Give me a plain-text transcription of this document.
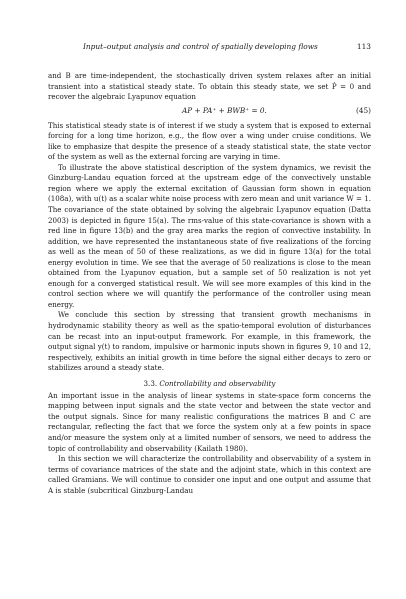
Input–output analysis and control of spatially developing flows	113

and B are time-independent, the stochastically driven system relaxes after an initial transient into a statistical steady state. To obtain this steady state, we set Ṗ = 0 and recover the algebraic Lyapunov equation

AP + PA⁺ + BWB⁺ = 0.	(45)

This statistical steady state is of interest if we study a system that is exposed to external forcing for a long time horizon, e.g., the flow over a wing under cruise conditions. We like to emphasize that despite the presence of a steady statistical state, the state vector of the system as well as the external forcing are varying in time.

To illustrate the above statistical description of the system dynamics, we revisit the Ginzburg-Landau equation forced at the upstream edge of the convectively unstable region where we apply the external excitation of Gaussian form shown in equation (108a), with u(t) as a scalar white noise process with zero mean and unit variance W = 1. The covariance of the state obtained by solving the algebraic Lyapunov equation (Datta 2003) is depicted in figure 15(a). The rms-value of this state-covariance is shown with a red line in figure 13(b) and the gray area marks the region of convective instability. In addition, we have represented the instantaneous state of five realizations of the forcing as well as the mean of 50 of these realizations, as we did in figure 13(a) for the total energy evolution in time. We see that the average of 50 realizations is close to the mean obtained from the Lyapunov equation, but a sample set of 50 realization is not yet enough for a converged statistical result. We will see more examples of this kind in the control section where we will quantify the performance of the controller using mean energy.

We conclude this section by stressing that transient growth mechanisms in hydrodynamic stability theory as well as the spatio-temporal evolution of disturbances can be recast into an input-output framework. For example, in this framework, the output signal y(t) to random, impulsive or harmonic inputs shown in figures 9, 10 and 12, respectively, exhibits an initial growth in time before the signal either decays to zero or stabilizes around a steady state.

3.3. Controllability and observability

An important issue in the analysis of linear systems in state-space form concerns the mapping between input signals and the state vector and between the state vector and the output signals. Since for many realistic configurations the matrices B and C are rectangular, reflecting the fact that we force the system only at a few points in space and/or measure the system only at a limited number of sensors, we need to address the topic of controllability and observability (Kailath 1980).

In this section we will characterize the controllability and observability of a system in terms of covariance matrices of the state and the adjoint state, which in this context are called Gramians. We will continue to consider one input and one output and assume that A is stable (subcritical Ginzburg-Landau
